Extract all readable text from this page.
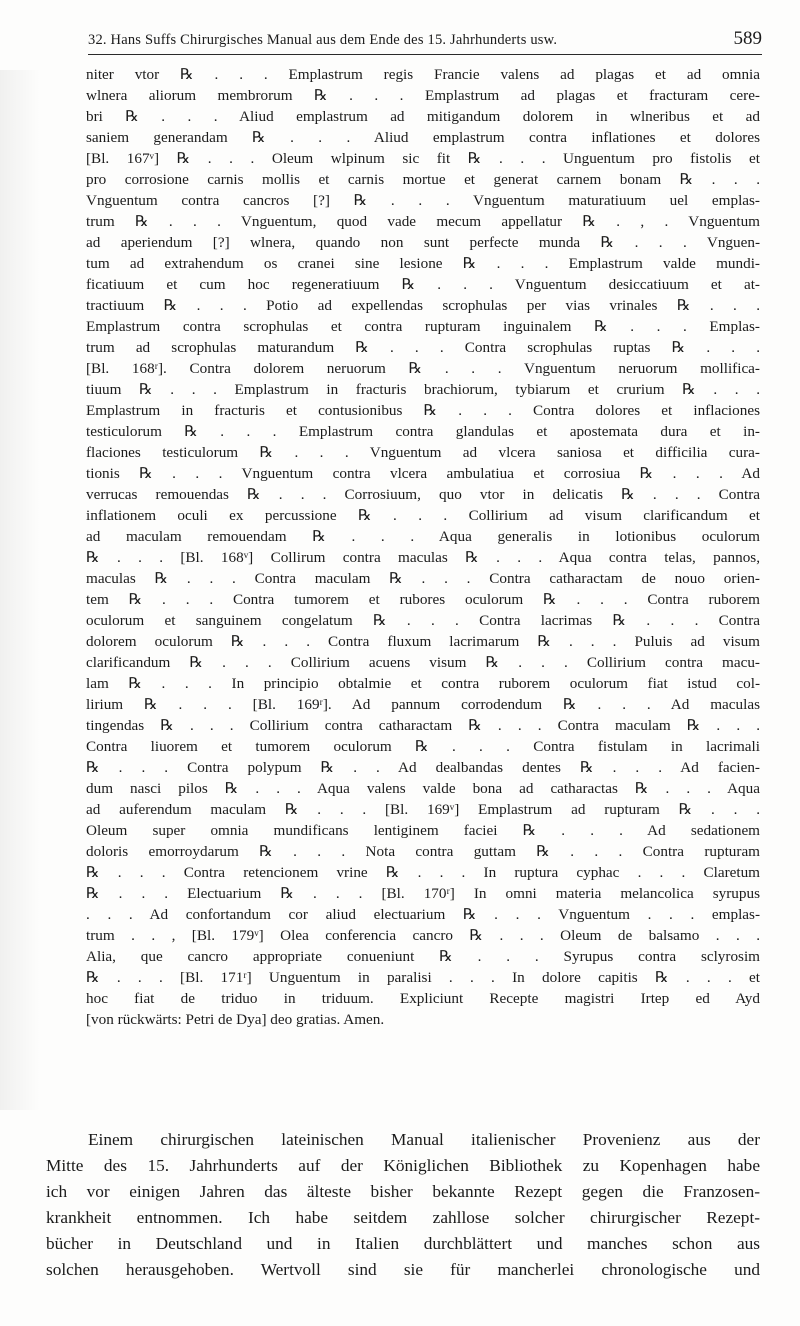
32. Hans Suffs Chirurgisches Manual aus dem Ende des 15. Jahrhunderts usw.	589
niter vtor ℞ . . . Emplastrum regis Francie valens ad plagas et ad omnia
wlnera aliorum membrorum ℞ . . . Emplastrum ad plagas et fracturam cere-
bri ℞ . . . Aliud emplastrum ad mitigandum dolorem in wlneribus et ad
saniem generandam ℞ . . . Aliud emplastrum contra inflationes et dolores
[Bl. 167ᵛ] ℞ . . . Oleum wlpinum sic fit ℞ . . . Unguentum pro fistolis et
pro corrosione carnis mollis et carnis mortue et generat carnem bonam ℞ . . .
Vnguentum contra cancros [?] ℞ . . . Vnguentum maturatiuum uel emplas-
trum ℞ . . . Vnguentum, quod vade mecum appellatur ℞ . , . Vnguentum
ad aperiendum [?] wlnera, quando non sunt perfecte munda ℞ . . . Vnguen-
tum ad extrahendum os cranei sine lesione ℞ . . . Emplastrum valde mundi-
ficatiuum et cum hoc regeneratiuum ℞ . . . Vnguentum desiccatiuum et at-
tractiuum ℞ . . . Potio ad expellendas scrophulas per vias vrinales ℞ . . .
Emplastrum contra scrophulas et contra rupturam inguinalem ℞ . . . Emplas-
trum ad scrophulas maturandum ℞ . . . Contra scrophulas ruptas ℞ . . .
[Bl. 168ʳ]. Contra dolorem neruorum ℞ . . . Vnguentum neruorum mollifica-
tiuum ℞ . . . Emplastrum in fracturis brachiorum, tybiarum et crurium ℞ . . .
Emplastrum in fracturis et contusionibus ℞ . . . Contra dolores et inflaciones
testiculorum ℞ . . . Emplastrum contra glandulas et apostemata dura et in-
flaciones testiculorum ℞ . . . Vnguentum ad vlcera saniosa et difficilia cura-
tionis ℞ . . . Vnguentum contra vlcera ambulatiua et corrosiua ℞ . . . Ad
verrucas remouendas ℞ . . . Corrosiuum, quo vtor in delicatis ℞ . . . Contra
inflationem oculi ex percussione ℞ . . . Collirium ad visum clarificandum et
ad maculam remouendam ℞ . . . Aqua generalis in lotionibus oculorum
℞ . . . [Bl. 168ᵛ] Collirum contra maculas ℞ . . . Aqua contra telas, pannos,
maculas ℞ . . . Contra maculam ℞ . . . Contra catharactam de nouo orien-
tem ℞ . . . Contra tumorem et rubores oculorum ℞ . . . Contra ruborem
oculorum et sanguinem congelatum ℞ . . . Contra lacrimas ℞ . . . Contra
dolorem oculorum ℞ . . . Contra fluxum lacrimarum ℞ . . . Puluis ad visum
clarificandum ℞ . . . Collirium acuens visum ℞ . . . Collirium contra macu-
lam ℞ . . . In principio obtalmie et contra ruborem oculorum fiat istud col-
lirium ℞ . . . [Bl. 169ʳ]. Ad pannum corrodendum ℞ . . . Ad maculas
tingendas ℞ . . . Collirium contra catharactam ℞ . . . Contra maculam ℞ . . .
Contra liuorem et tumorem oculorum ℞ . . . Contra fistulam in lacrimali
℞ . . . Contra polypum ℞ . . Ad dealbandas dentes ℞ . . . Ad facien-
dum nasci pilos ℞ . . . Aqua valens valde bona ad catharactas ℞ . . . Aqua
ad auferendum maculam ℞ . . . [Bl. 169ᵛ] Emplastrum ad rupturam ℞ . . .
Oleum super omnia mundificans lentiginem faciei ℞ . . . Ad sedationem
doloris emorroydarum ℞ . . . Nota contra guttam ℞ . . . Contra rupturam
℞ . . . Contra retencionem vrine ℞ . . . In ruptura cyphac . . . Claretum
℞ . . . Electuarium ℞ . . . [Bl. 170ʳ] In omni materia melancolica syrupus
. . . Ad confortandum cor aliud electuarium ℞ . . . Vnguentum . . . emplas-
trum . . , [Bl. 179ᵛ] Olea conferencia cancro ℞ . . . Oleum de balsamo . . .
Alia, que cancro appropriate conueniunt ℞ . . . Syrupus contra sclyrosim
℞ . . . [Bl. 171ʳ] Unguentum in paralisi . . . In dolore capitis ℞ . . . et
hoc fiat de triduo in triduum. Expliciunt Recepte magistri Irtep ed Ayd
[von rückwärts: Petri de Dya] deo gratias. Amen.
Einem chirurgischen lateinischen Manual italienischer Provenienz aus der
Mitte des 15. Jahrhunderts auf der Königlichen Bibliothek zu Kopenhagen habe
ich vor einigen Jahren das älteste bisher bekannte Rezept gegen die Franzosen-
krankheit entnommen. Ich habe seitdem zahllose solcher chirurgischer Rezept-
bücher in Deutschland und in Italien durchblättert und manches schon aus
solchen herausgehoben. Wertvoll sind sie für mancherlei chronologische und
